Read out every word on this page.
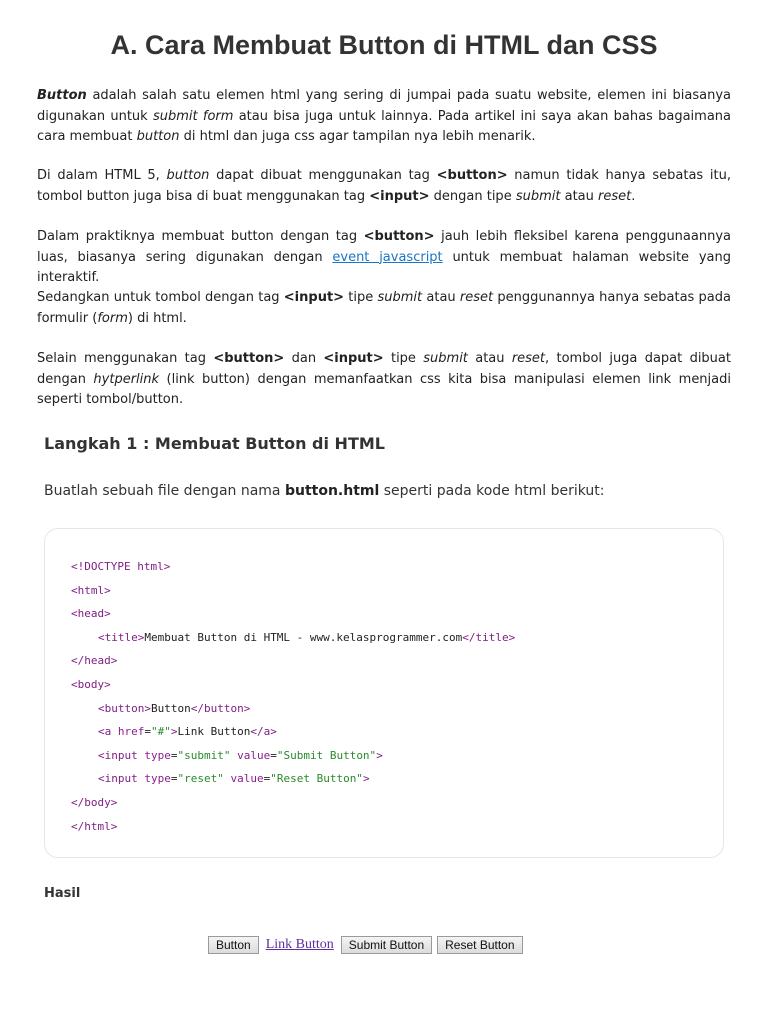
A. Cara Membuat Button di HTML dan CSS

Button adalah salah satu elemen html yang sering di jumpai pada suatu website, elemen ini biasanya digunakan untuk submit form atau bisa juga untuk lainnya. Pada artikel ini saya akan bahas bagaimana cara membuat button di html dan juga css agar tampilan nya lebih menarik.

Di dalam HTML 5, button dapat dibuat menggunakan tag <button> namun tidak hanya sebatas itu, tombol button juga bisa di buat menggunakan tag <input> dengan tipe submit atau reset.

Dalam praktiknya membuat button dengan tag <button> jauh lebih fleksibel karena penggunaannya luas, biasanya sering digunakan dengan event javascript untuk membuat halaman website yang interaktif.

Sedangkan untuk tombol dengan tag <input> tipe submit atau reset penggunannya hanya sebatas pada formulir (form) di html.

Selain menggunakan tag <button> dan <input> tipe submit atau reset, tombol juga dapat dibuat dengan hytperlink (link button) dengan memanfaatkan css kita bisa manipulasi elemen link menjadi seperti tombol/button.

Langkah 1 : Membuat Button di HTML

Buatlah sebuah file dengan nama button.html seperti pada kode html berikut:

<!DOCTYPE html>
<html>
<head>
<title>Membuat Button di HTML - www.kelasprogrammer.com</title>
</head>
<body>
<button>Button</button>
<a href="#">Link Button</a>
<input type="submit" value="Submit Button">
<input type="reset" value="Reset Button">
</body>
</html>

Hasil

Button	Link Button	Submit Button	Reset Button
